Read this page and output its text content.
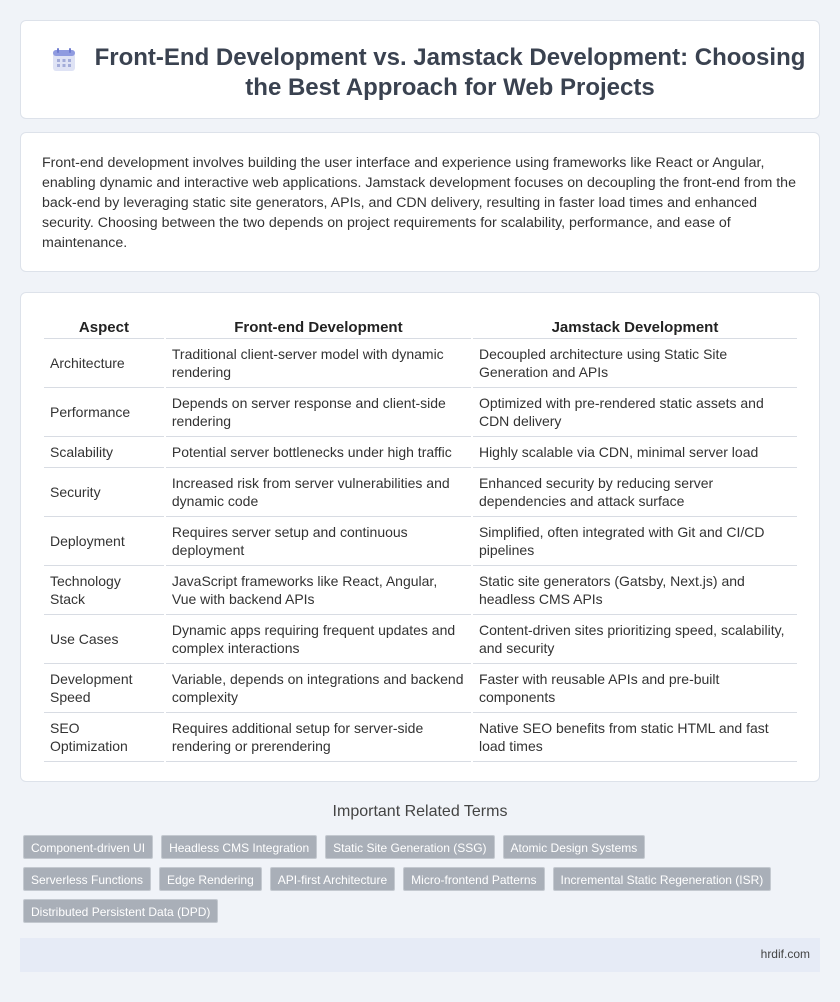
Front-End Development vs. Jamstack Development: Choosing the Best Approach for Web Projects

Front-end development involves building the user interface and experience using frameworks like React or Angular, enabling dynamic and interactive web applications. Jamstack development focuses on decoupling the front-end from the back-end by leveraging static site generators, APIs, and CDN delivery, resulting in faster load times and enhanced security. Choosing between the two depends on project requirements for scalability, performance, and ease of maintenance.

Aspect	Front-end Development	Jamstack Development
Architecture	Traditional client-server model with dynamic rendering	Decoupled architecture using Static Site Generation and APIs
Performance	Depends on server response and client-side rendering	Optimized with pre-rendered static assets and CDN delivery
Scalability	Potential server bottlenecks under high traffic	Highly scalable via CDN, minimal server load
Security	Increased risk from server vulnerabilities and dynamic code	Enhanced security by reducing server dependencies and attack surface
Deployment	Requires server setup and continuous deployment	Simplified, often integrated with Git and CI/CD pipelines
Technology Stack	JavaScript frameworks like React, Angular, Vue with backend APIs	Static site generators (Gatsby, Next.js) and headless CMS APIs
Use Cases	Dynamic apps requiring frequent updates and complex interactions	Content-driven sites prioritizing speed, scalability, and security
Development Speed	Variable, depends on integrations and backend complexity	Faster with reusable APIs and pre-built components
SEO Optimization	Requires additional setup for server-side rendering or prerendering	Native SEO benefits from static HTML and fast load times
Important Related Terms
Component-driven UI	Headless CMS Integration	Static Site Generation (SSG)	Atomic Design Systems
Serverless Functions	Edge Rendering	API-first Architecture	Micro-frontend Patterns	Incremental Static Regeneration (ISR)
Distributed Persistent Data (DPD)
hrdif.com
